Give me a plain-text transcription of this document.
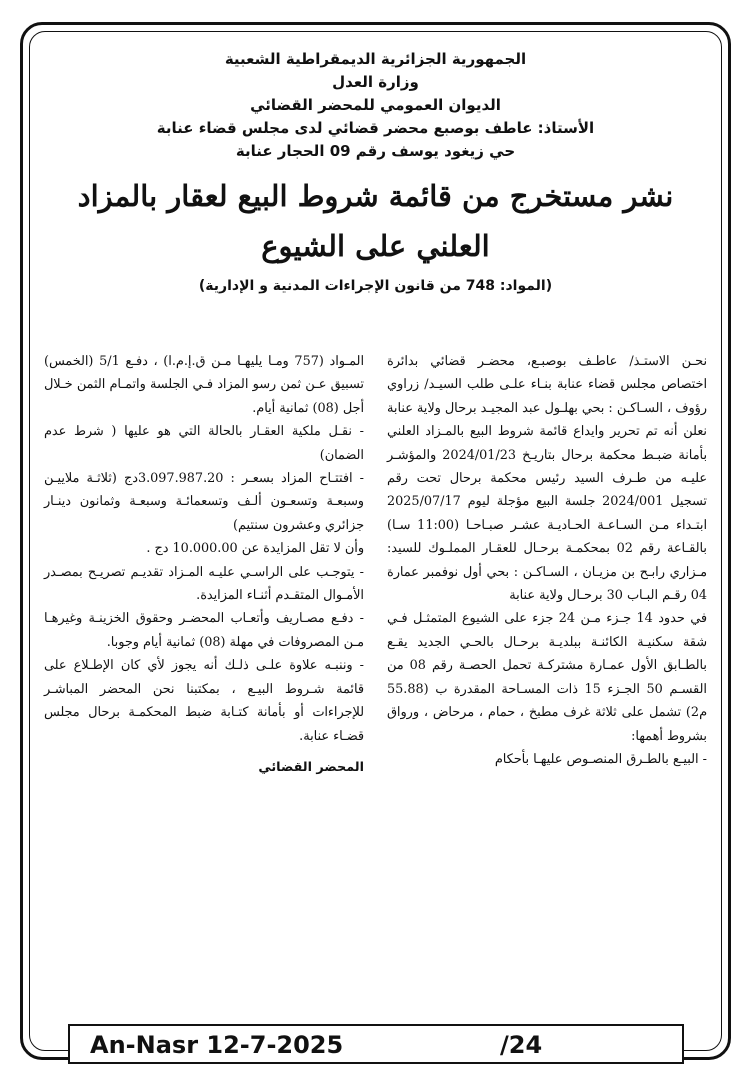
الجمهورية الجزائرية الديمقراطية الشعبية
وزارة العدل
الديوان العمومي للمحضر القضائي
الأستاذ: عاطف بوصبع محضر قضائي لدى مجلس قضاء عنابة
حي زيغود يوسف رقم 09 الحجار عنابة
نشر مستخرج من قائمة شروط البيع لعقار بالمزاد
العلني على الشيوع
(المواد: 748 من قانون الإجراءات المدنية و الإدارية)

نحـن الاستـذ/ عاطـف بوصبـع، محضـر قضائي بدائرة اختصاص مجلس قضاء عنابة بنـاء علـى طلب السيـد/ زراوي رؤوف ، السـاكـن : بحي بهلـول عبد المجيـد برحال ولاية عنابة

نعلن أنه تم تحرير وايداع قائمة شروط البيع بالمـزاد العلني بأمانة ضبـط محكمة برحال بتاريـخ 2024/01/23 والمؤشـر عليـه من طـرف السيد رئيس محكمة برحال تحت رقم تسجيل 2024/001 جلسة البيع مؤجلة ليوم 2025/07/17 ابتـداء مـن السـاعـة الحـاديـة عشـر صبـاحـا (11:00 سـا) بالقـاعة رقم 02 بمحكمـة برحـال للعقـار المملـوك للسيد: مـزاري رابـح بن مزيـان ، السـاكـن : بحي أول نوفمبر عمارة 04 رقـم البـاب 30 برحـال ولاية عنابة

في حدود 14 جـزء مـن 24 جزء على الشيوع المتمثـل فـي شقة سكنيـة الكائنـة ببلديـة برحـال بالحـي الجديد يقـع بالطـابق الأول عمـارة مشتركـة تحمل الحصـة رقم 08 من القسـم 50 الجـزء 15 ذات المسـاحة المقدرة ب (55.88 م2) تشمل على ثلاثة غرف مطبخ ، حمام ، مرحاض ، ورواق بشروط أهمها:

- البيـع بالطـرق المنصـوص عليهـا بأحكام

المـواد (757 ومـا يليهـا مـن ق.إ.م.ا) ، دفـع 5/1 (الخمس) تسبيق عـن ثمن رسو المزاد فـي الجلسة واتمـام الثمن خـلال أجل (08) ثمانية أيام.

- نقـل ملكية العقـار بالحالة التي هو عليها ( شرط عدم الضمان)

- افتتـاح المزاد بسعـر : 3.097.987.20دج (ثلاثـة ملاييـن وسبعـة وتسعـون ألـف وتسعمائـة وسبعـة وثمانون دينـار جزائري وعشرون سنتيم)

وأن لا تقل المزايدة عن 10.000.00 دج .

- يتوجـب على الراسـي عليـه المـزاد تقديـم تصريـح بمصـدر الأمـوال المتقـدم أثنـاء المزايدة.

- دفـع مصـاريف وأتعـاب المحضـر وحقوق الخزينـة وغيرهـا مـن المصروفات في مهلة (08) ثمانية أيام وجوبا.

- وننبـه علاوة علـى ذلـك أنه يجوز لأي كان الإطـلاع على قائمة شـروط البيـع ، بمكتبنا نحن المحضر المباشـر للإجراءات أو بأمانة كتـابة ضبط المحكمـة برحال مجلس قضـاء عنابة.

المحضر القضائي
An-Nasr 12-7-2025	/24
